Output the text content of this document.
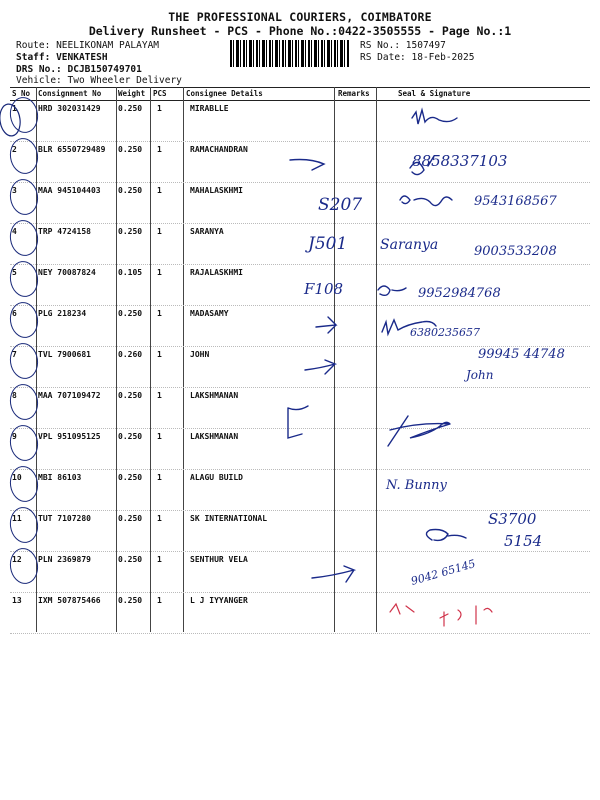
THE PROFESSIONAL COURIERS, COIMBATORE
Delivery Runsheet - PCS - Phone No.:0422-3505555 - Page No.:1
Route: NEELIKONAM PALAYAM
Staff: VENKATESH
DRS No.: DCJB150749701
Vehicle: Two Wheeler Delivery
RS No.: 1507497
RS Date: 18-Feb-2025
S No Consignment No Weight PCS	Consignee Details	Remarks	Seal & Signature
1	HRD 302031429 0.250 1	MIRABLLE
2	BLR 6550729489 0.250 1	RAMACHANDRAN
3	MAA 945104403 0.250 1	MAHALASKHMI
4	TRP 4724158	0.250 1	SARANYA
5	NEY 70087824	0.105 1	RAJALASKHMI
6	PLG 218234	0.250 1	MADASAMY
7	TVL 7900681	0.260 1	JOHN
8	MAA 707109472 0.250 1	LAKSHMANAN
9	VPL 951095125 0.250 1	LAKSHMANAN
10 MBI 86103	0.250 1	ALAGU BUILD
11 TUT 7107280	0.250 1	SK INTERNATIONAL
12 PLN 2369879	0.250 1	SENTHUR VELA
13 IXM 507875466 0.250 1	L J IYYANGER
8858337103
S207	9543168567
J501 Saranya	9003533208
F108	9952984768
6380235657
99945 44748
John
N. Bunny
S3700
5154
9042 65145
